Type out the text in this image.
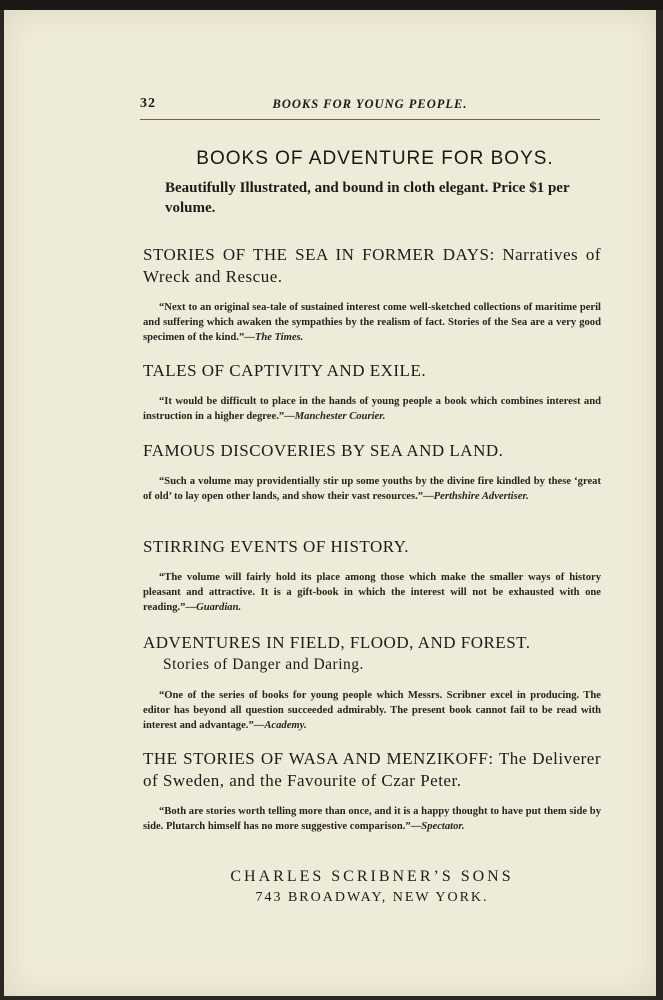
32	BOOKS FOR YOUNG PEOPLE.
BOOKS OF ADVENTURE FOR BOYS.
Beautifully Illustrated, and bound in cloth elegant. Price $1 per volume.
STORIES OF THE SEA IN FORMER DAYS: Narratives of Wreck and Rescue.
“Next to an original sea-tale of sustained interest come well-sketched collections of maritime peril and suffering which awaken the sympathies by the realism of fact. Stories of the Sea are a very good specimen of the kind.”—The Times.
TALES OF CAPTIVITY AND EXILE.
“It would be difficult to place in the hands of young people a book which combines interest and instruction in a higher degree.”—Manchester Courier.
FAMOUS DISCOVERIES BY SEA AND LAND.
“Such a volume may providentially stir up some youths by the divine fire kindled by these ‘great of old’ to lay open other lands, and show their vast resources.”—Perthshire Advertiser.
STIRRING EVENTS OF HISTORY.
“The volume will fairly hold its place among those which make the smaller ways of history pleasant and attractive. It is a gift-book in which the interest will not be exhausted with one reading.”—Guardian.
ADVENTURES IN FIELD, FLOOD, AND FOREST.
Stories of Danger and Daring.
“One of the series of books for young people which Messrs. Scribner excel in producing. The editor has beyond all question succeeded admirably. The present book cannot fail to be read with interest and advantage.”—Academy.
THE STORIES OF WASA AND MENZIKOFF: The Deliverer of Sweden, and the Favourite of Czar Peter.
“Both are stories worth telling more than once, and it is a happy thought to have put them side by side. Plutarch himself has no more suggestive comparison.”—Spectator.
CHARLES SCRIBNER’S SONS
743 BROADWAY, NEW YORK.
